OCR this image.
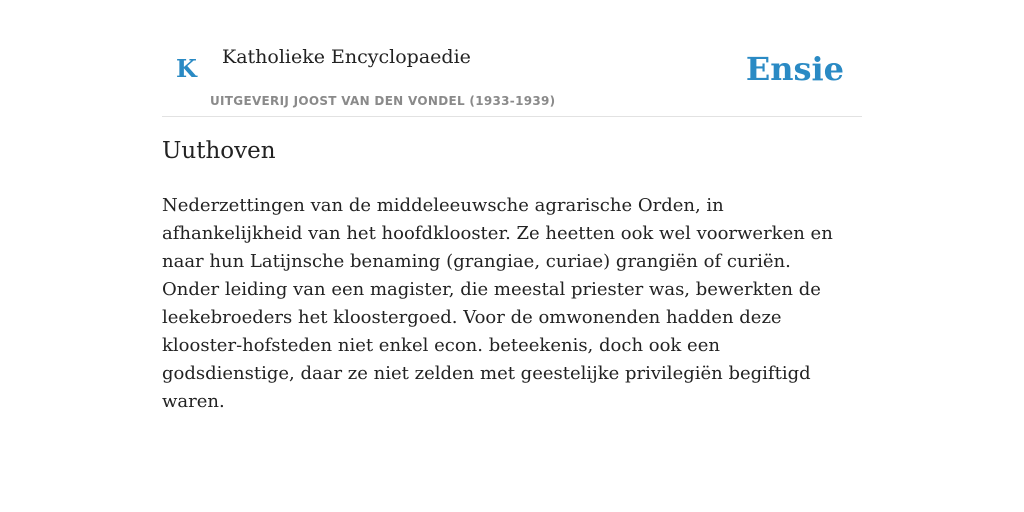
K Katholieke Encyclopaedie
UITGEVERIJ JOOST VAN DEN VONDEL (1933-1939)
Ensie
Uuthoven

Nederzettingen van de middeleeuwsche agrarische Orden, in afhankelijkheid van het hoofdklooster. Ze heetten ook wel voorwerken en naar hun Latijnsche benaming (grangiae, curiae) grangiën of curiën. Onder leiding van een magister, die meestal priester was, bewerkten de leekebroeders het kloostergoed. Voor de omwonenden hadden deze klooster-hofsteden niet enkel econ. beteekenis, doch ook een godsdienstige, daar ze niet zelden met geestelijke privilegiën begiftigd waren.
